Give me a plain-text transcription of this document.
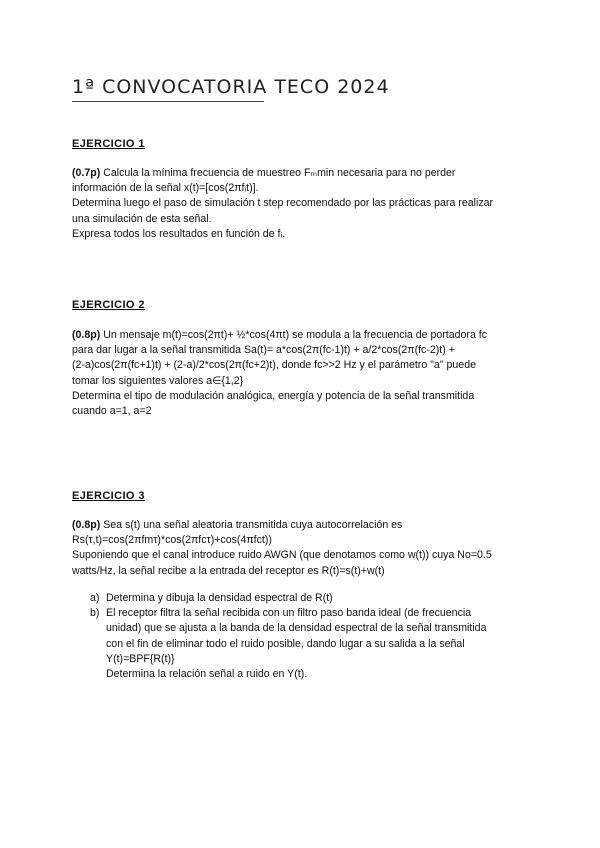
1ª CONVOCATORIA TECO 2024
EJERCICIO 1
(0.7p) Calcula la mínima frecuencia de muestreo Fₘmin necesaria para no perder
información de la señal x(t)=[cos(2πfᵢt)].
Determina luego el paso de simulación t step recomendado por las prácticas para realizar
una simulación de esta señal.
Expresa todos los resultados en función de fᵢ.
EJERCICIO 2
(0.8p) Un mensaje m(t)=cos(2πt)+ ½*cos(4πt) se modula a la frecuencia de portadora fc
para dar lugar a la señal transmitida Sa(t)= a*cos(2π(fc-1)t) + a/2*cos(2π(fc-2)t) +
(2-a)cos(2π(fc+1)t) + (2-a)/2*cos(2π(fc+2)t), donde fc>>2 Hz y el parámetro "a" puede
tomar los siguientes valores a∈{1,2}
Determina el tipo de modulación analógica, energía y potencia de la señal transmitida
cuando a=1, a=2
EJERCICIO 3
(0.8p) Sea s(t) una señal aleatoria transmitida cuya autocorrelación es
Rs(τ,t)=cos(2πfmτ)*cos(2πfcτ)+cos(4πfct))
Suponiendo que el canal introduce ruido AWGN (que denotamos como w(t)) cuya No=0.5
watts/Hz, la señal recibe a la entrada del receptor es R(t)=s(t)+w(t)
a) Determina y dibuja la densidad espectral de R(t)
b) El receptor filtra la señal recibida con un filtro paso banda ideal (de frecuencia
unidad) que se ajusta a la banda de la densidad espectral de la señal transmitida
con el fin de eliminar todo el ruido posible, dando lugar a su salida a la señal
Y(t)=BPF{R(t)}
Determina la relación señal a ruido en Y(t).
